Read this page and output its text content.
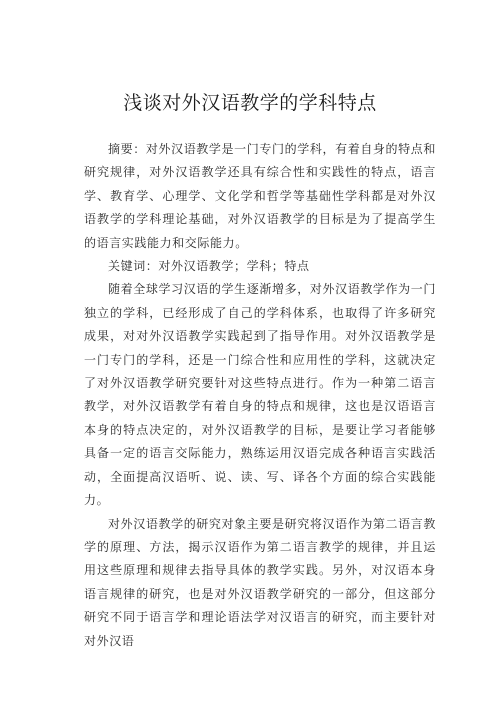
浅谈对外汉语教学的学科特点

摘要：对外汉语教学是一门专门的学科，有着自身的特点和研究规律，对外汉语教学还具有综合性和实践性的特点，语言学、教育学、心理学、文化学和哲学等基础性学科都是对外汉语教学的学科理论基础，对外汉语教学的目标是为了提高学生的语言实践能力和交际能力。

关键词：对外汉语教学；学科；特点

随着全球学习汉语的学生逐渐增多，对外汉语教学作为一门独立的学科，已经形成了自己的学科体系，也取得了许多研究成果，对对外汉语教学实践起到了指导作用。对外汉语教学是一门专门的学科，还是一门综合性和应用性的学科，这就决定了对外汉语教学研究要针对这些特点进行。作为一种第二语言教学，对外汉语教学有着自身的特点和规律，这也是汉语语言本身的特点决定的，对外汉语教学的目标，是要让学习者能够具备一定的语言交际能力，熟练运用汉语完成各种语言实践活动，全面提高汉语听、说、读、写、译各个方面的综合实践能力。

对外汉语教学的研究对象主要是研究将汉语作为第二语言教学的原理、方法，揭示汉语作为第二语言教学的规律，并且运用这些原理和规律去指导具体的教学实践。另外，对汉语本身语言规律的研究，也是对外汉语教学研究的一部分，但这部分研究不同于语言学和理论语法学对汉语言的研究，而主要针对对外汉语
